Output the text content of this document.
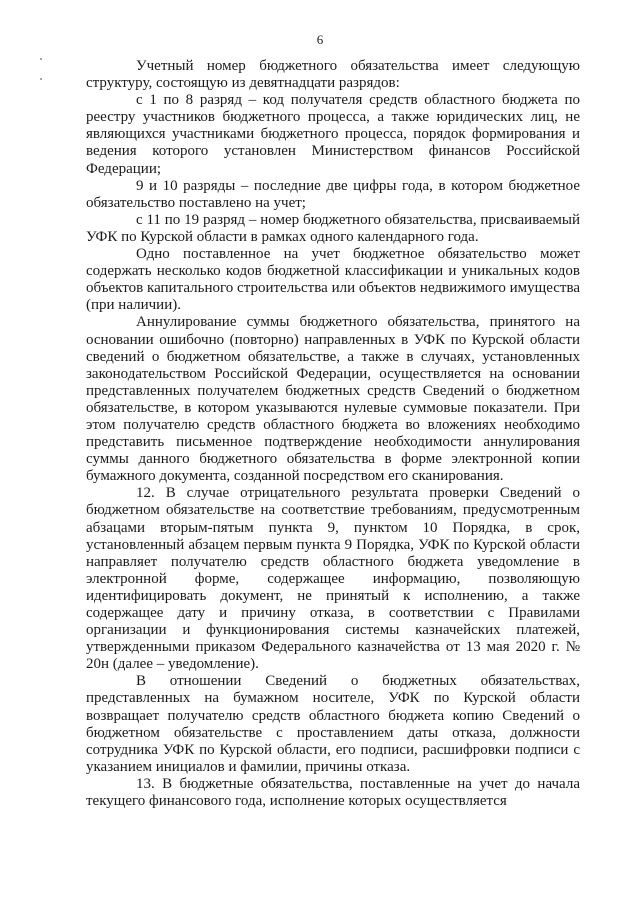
6

Учетный номер бюджетного обязательства имеет следующую структуру, состоящую из девятнадцати разрядов:

с 1 по 8 разряд – код получателя средств областного бюджета по реестру участников бюджетного процесса, а также юридических лиц, не являющихся участниками бюджетного процесса, порядок формирования и ведения которого установлен Министерством финансов Российской Федерации;

9 и 10 разряды – последние две цифры года, в котором бюджетное обязательство поставлено на учет;

с 11 по 19 разряд – номер бюджетного обязательства, присваиваемый УФК по Курской области в рамках одного календарного года.

Одно поставленное на учет бюджетное обязательство может содержать несколько кодов бюджетной классификации и уникальных кодов объектов капитального строительства или объектов недвижимого имущества (при наличии).

Аннулирование суммы бюджетного обязательства, принятого на основании ошибочно (повторно) направленных в УФК по Курской области сведений о бюджетном обязательстве, а также в случаях, установленных законодательством Российской Федерации, осуществляется на основании представленных получателем бюджетных средств Сведений о бюджетном обязательстве, в котором указываются нулевые суммовые показатели. При этом получателю средств областного бюджета во вложениях необходимо представить письменное подтверждение необходимости аннулирования суммы данного бюджетного обязательства в форме электронной копии бумажного документа, созданной посредством его сканирования.

12. В случае отрицательного результата проверки Сведений о бюджетном обязательстве на соответствие требованиям, предусмотренным абзацами вторым-пятым пункта 9, пунктом 10 Порядка, в срок, установленный абзацем первым пункта 9 Порядка, УФК по Курской области направляет получателю средств областного бюджета уведомление в электронной форме, содержащее информацию, позволяющую идентифицировать документ, не принятый к исполнению, а также содержащее дату и причину отказа, в соответствии с Правилами организации и функционирования системы казначейских платежей, утвержденными приказом Федерального казначейства от 13 мая 2020 г. № 20н (далее – уведомление).

В отношении Сведений о бюджетных обязательствах, представленных на бумажном носителе, УФК по Курской области возвращает получателю средств областного бюджета копию Сведений о бюджетном обязательстве с проставлением даты отказа, должности сотрудника УФК по Курской области, его подписи, расшифровки подписи с указанием инициалов и фамилии, причины отказа.

13. В бюджетные обязательства, поставленные на учет до начала текущего финансового года, исполнение которых осуществляется
